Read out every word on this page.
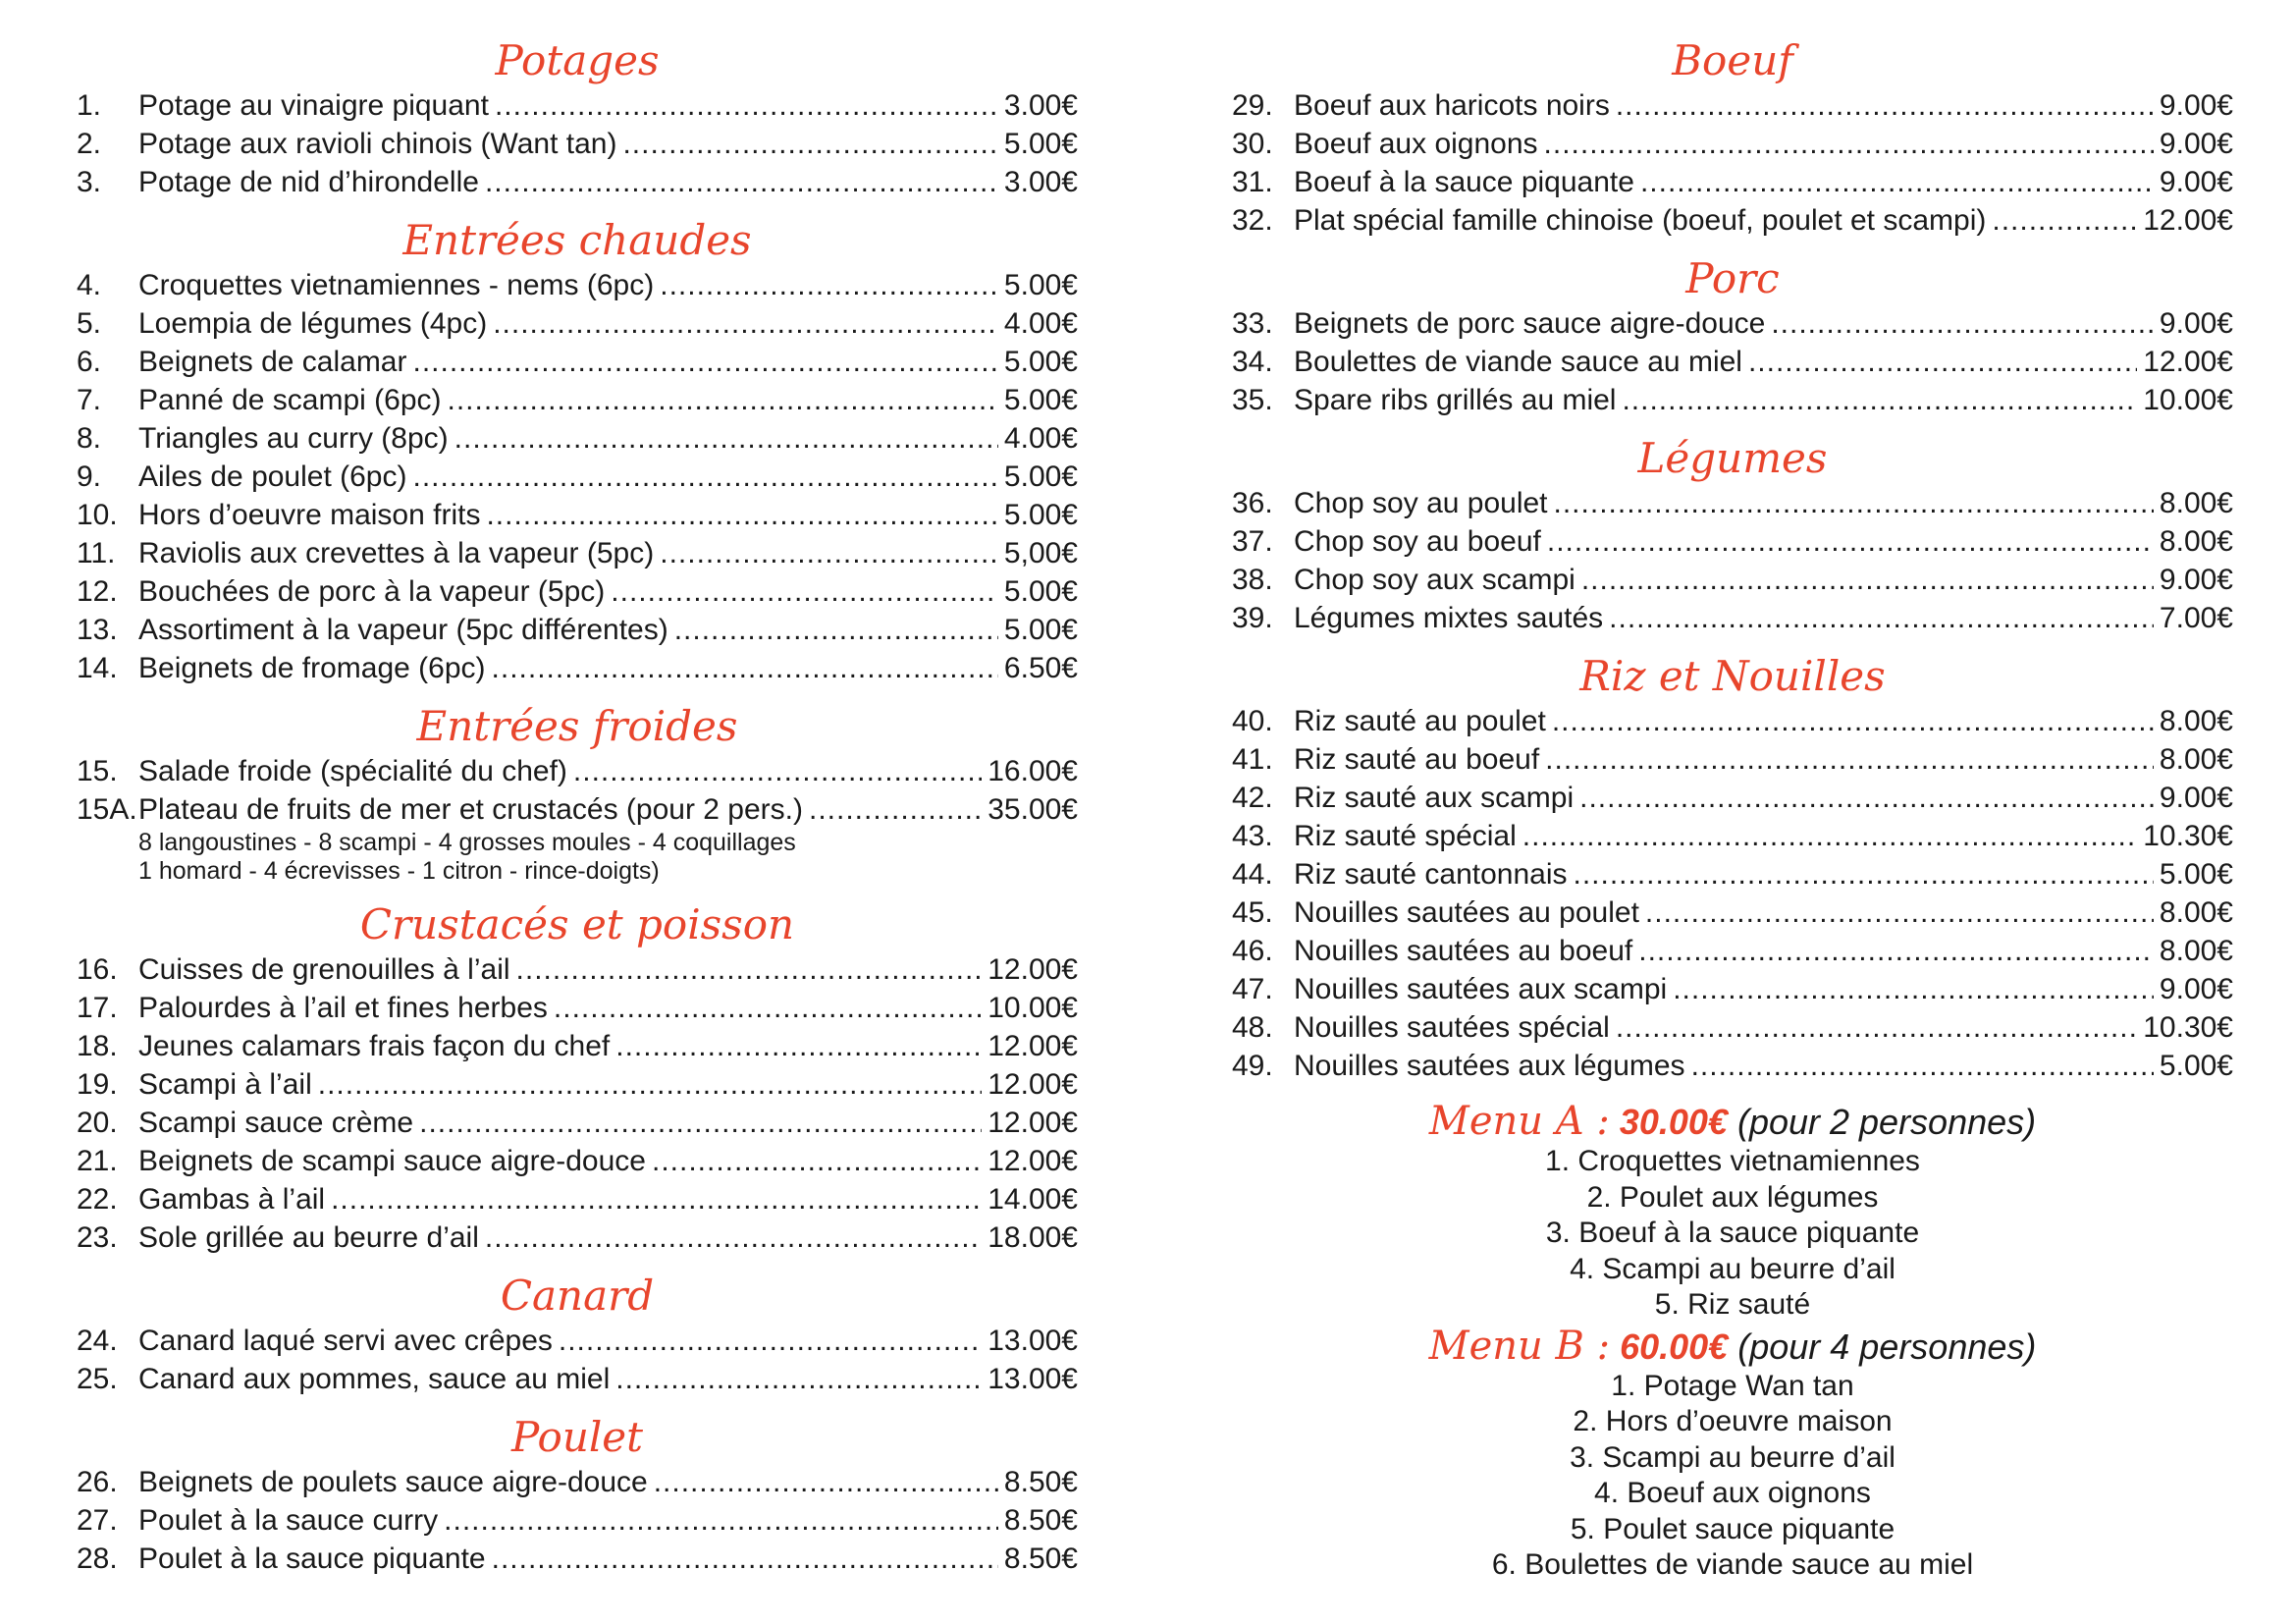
Potages
1.	Potage au vinaigre piquant .....	3.00€
2.	Potage aux ravioli chinois (Want tan) .....	5.00€
3.	Potage de nid d’hirondelle .....	3.00€
Entrées chaudes
4.	Croquettes vietnamiennes - nems (6pc) .....	5.00€
5.	Loempia de légumes (4pc) .....	4.00€
6.	Beignets de calamar .....	5.00€
7.	Panné de scampi (6pc) .....	5.00€
8.	Triangles au curry (8pc) .....	4.00€
9.	Ailes de poulet (6pc) .....	5.00€
10. Hors d’oeuvre maison frits .....	5.00€
11. Raviolis aux crevettes à la vapeur (5pc) .....	5,00€
12. Bouchées de porc à la vapeur (5pc) .....	5.00€
13. Assortiment à la vapeur (5pc différentes) .....	5.00€
14. Beignets de fromage (6pc) .....	6.50€
Entrées froides
15. Salade froide (spécialité du chef) .....	16.00€
15A. Plateau de fruits de mer et crustacés (pour 2 pers.) .....	35.00€
8 langoustines - 8 scampi - 4 grosses moules - 4 coquillages
1 homard - 4 écrevisses - 1 citron - rince-doigts)
Crustacés et poisson
16. Cuisses de grenouilles à l’ail .....	12.00€
17. Palourdes à l’ail et fines herbes .....	10.00€
18. Jeunes calamars frais façon du chef .....	12.00€
19. Scampi à l’ail .....	12.00€
20. Scampi sauce crème .....	12.00€
21. Beignets de scampi sauce aigre-douce .....	12.00€
22. Gambas à l’ail .....	14.00€
23. Sole grillée au beurre d’ail .....	18.00€
Canard
24. Canard laqué servi avec crêpes .....	13.00€
25. Canard aux pommes, sauce au miel .....	13.00€
Poulet
26. Beignets de poulets sauce aigre-douce .....	8.50€
27. Poulet à la sauce curry .....	8.50€
28. Poulet à la sauce piquante .....	8.50€
Boeuf
29. Boeuf aux haricots noirs .....	9.00€
30. Boeuf aux oignons .....	9.00€
31. Boeuf à la sauce piquante .....	9.00€
32. Plat spécial famille chinoise (boeuf, poulet et scampi) .....	12.00€
Porc
33. Beignets de porc sauce aigre-douce .....	9.00€
34. Boulettes de viande sauce au miel .....	12.00€
35. Spare ribs grillés au miel .....	10.00€
Légumes
36. Chop soy au poulet .....	8.00€
37. Chop soy au boeuf .....	8.00€
38. Chop soy aux scampi .....	9.00€
39. Légumes mixtes sautés .....	7.00€
Riz et Nouilles
40. Riz sauté au poulet .....	8.00€
41. Riz sauté au boeuf .....	8.00€
42. Riz sauté aux scampi .....	9.00€
43. Riz sauté spécial .....	10.30€
44. Riz sauté cantonnais .....	5.00€
45. Nouilles sautées au poulet .....	8.00€
46. Nouilles sautées au boeuf .....	8.00€
47. Nouilles sautées aux scampi .....	9.00€
48. Nouilles sautées spécial .....	10.30€
49. Nouilles sautées aux légumes .....	5.00€
Menu A : 30.00€ (pour 2 personnes)
1. Croquettes vietnamiennes
2. Poulet aux légumes
3. Boeuf à la sauce piquante
4. Scampi au beurre d’ail
5. Riz sauté
Menu B : 60.00€ (pour 4 personnes)
1. Potage Wan tan
2. Hors d’oeuvre maison
3. Scampi au beurre d’ail
4. Boeuf aux oignons
5. Poulet sauce piquante
6. Boulettes de viande sauce au miel
